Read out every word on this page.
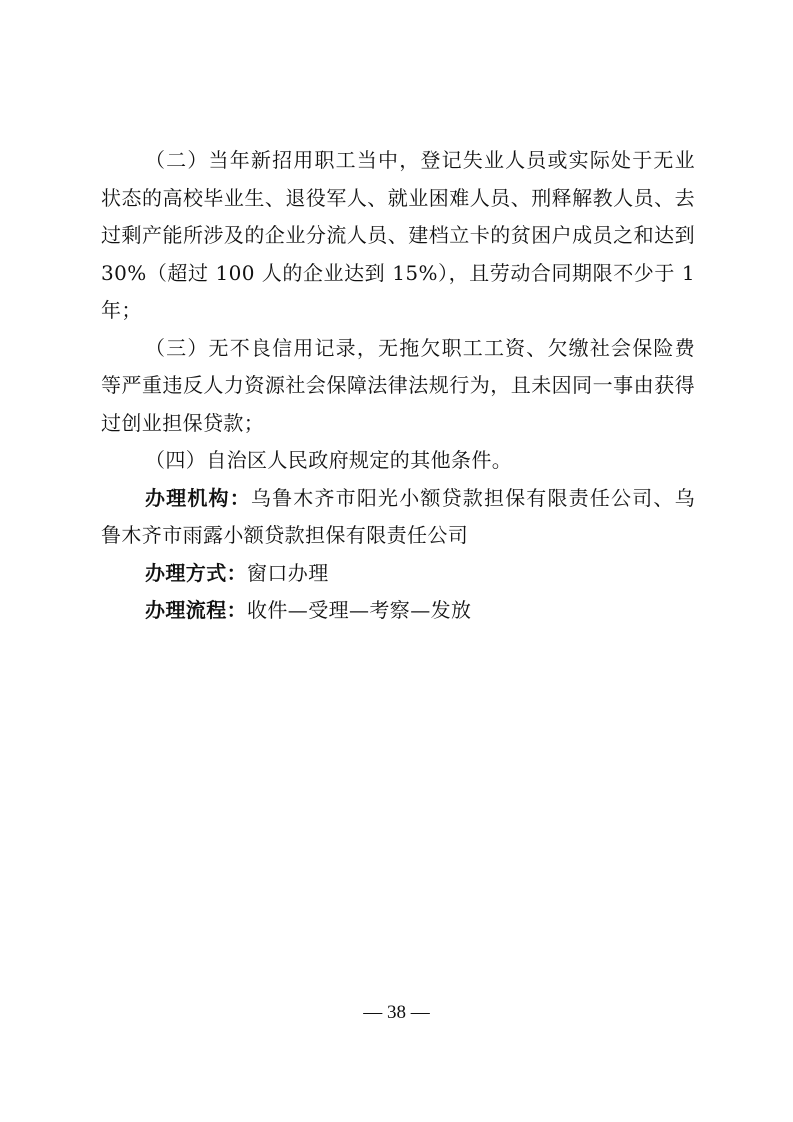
（二）当年新招用职工当中，登记失业人员或实际处于无业状态的高校毕业生、退役军人、就业困难人员、刑释解教人员、去过剩产能所涉及的企业分流人员、建档立卡的贫困户成员之和达到 30%（超过 100 人的企业达到 15%），且劳动合同期限不少于 1 年；

（三）无不良信用记录，无拖欠职工工资、欠缴社会保险费等严重违反人力资源社会保障法律法规行为，且未因同一事由获得过创业担保贷款；

（四）自治区人民政府规定的其他条件。

办理机构：乌鲁木齐市阳光小额贷款担保有限责任公司、乌鲁木齐市雨露小额贷款担保有限责任公司

办理方式：窗口办理

办理流程：收件—受理—考察—发放

— 38 —
